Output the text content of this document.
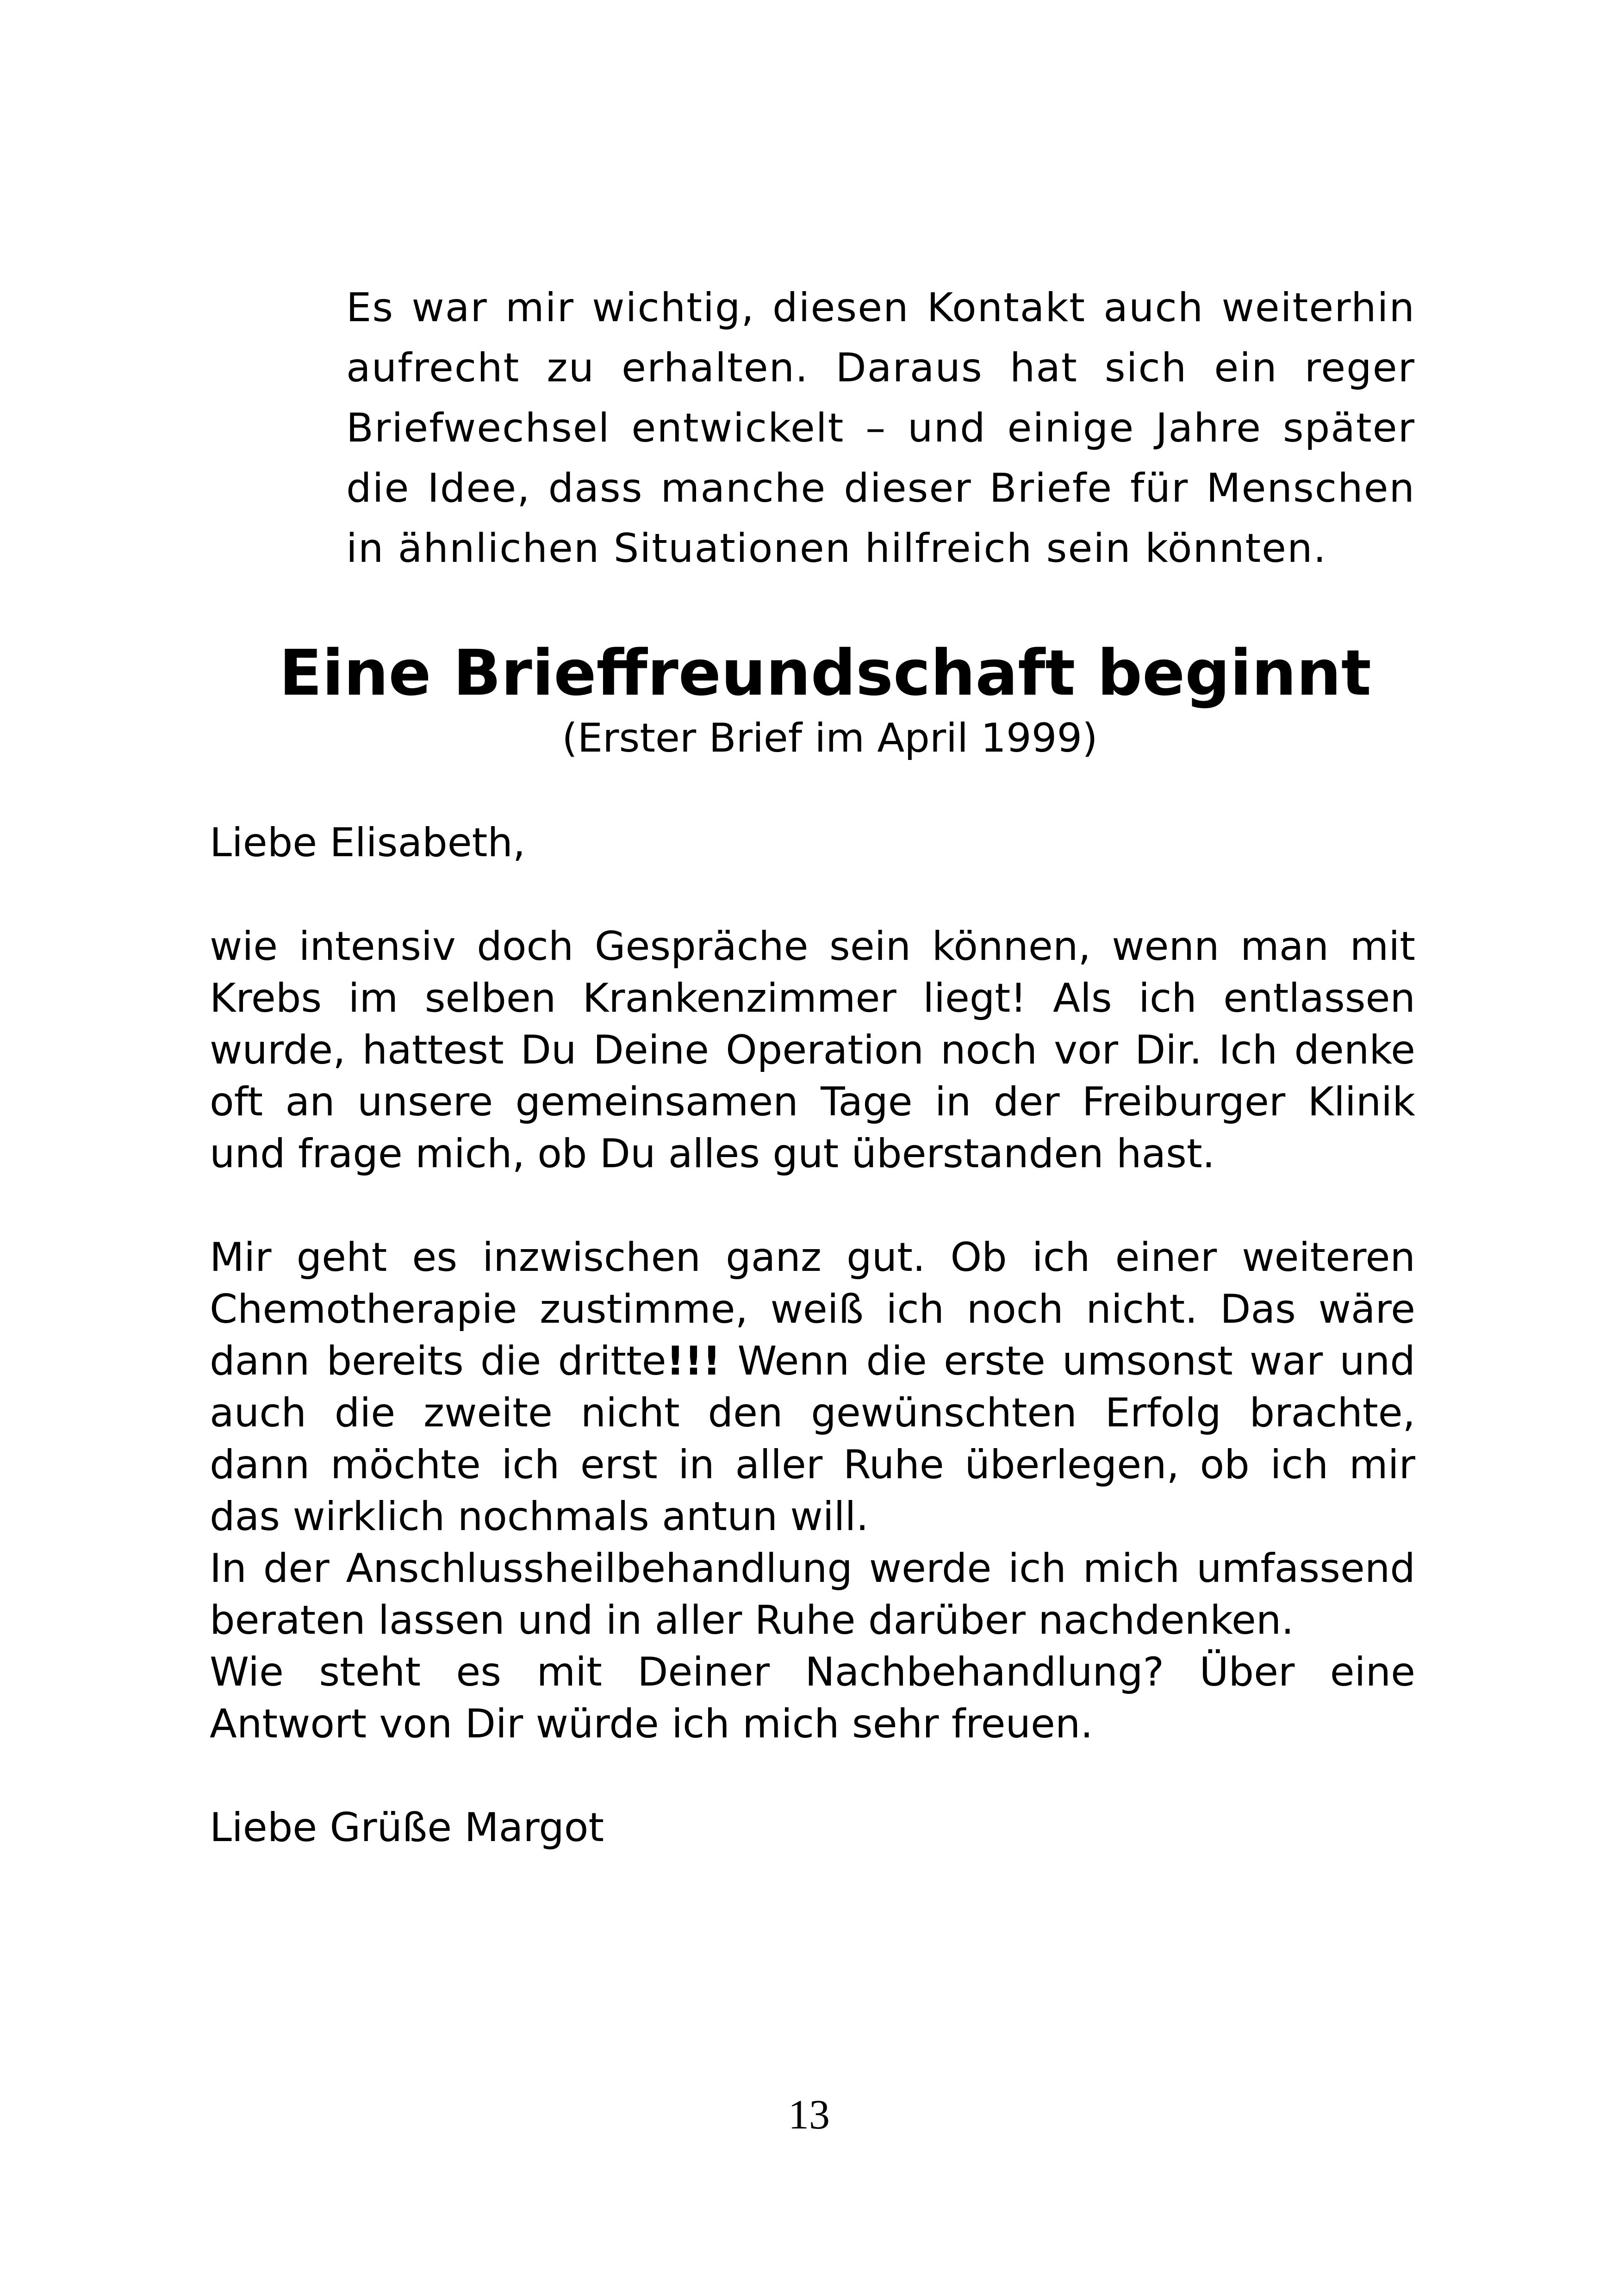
Es war mir wichtig, diesen Kontakt auch weiterhin aufrecht zu erhalten. Daraus hat sich ein reger Briefwechsel entwickelt – und einige Jahre später die Idee, dass manche dieser Briefe für Menschen in ähnlichen Situationen hilfreich sein könnten.

Eine Brieffreundschaft beginnt
(Erster Brief im April 1999)

Liebe Elisabeth,

wie intensiv doch Gespräche sein können, wenn man mit Krebs im selben Krankenzimmer liegt! Als ich entlassen wurde, hattest Du Deine Operation noch vor Dir. Ich denke oft an unsere gemeinsamen Tage in der Freiburger Klinik und frage mich, ob Du alles gut überstanden hast.

Mir geht es inzwischen ganz gut. Ob ich einer weiteren Chemotherapie zustimme, weiß ich noch nicht. Das wäre dann bereits die dritte!!! Wenn die erste umsonst war und auch die zweite nicht den gewünschten Erfolg brachte, dann möchte ich erst in aller Ruhe überlegen, ob ich mir das wirklich nochmals antun will.

In der Anschlussheilbehandlung werde ich mich umfassend beraten lassen und in aller Ruhe darüber nachdenken.

Wie steht es mit Deiner Nachbehandlung? Über eine Antwort von Dir würde ich mich sehr freuen.

Liebe Grüße Margot

13
